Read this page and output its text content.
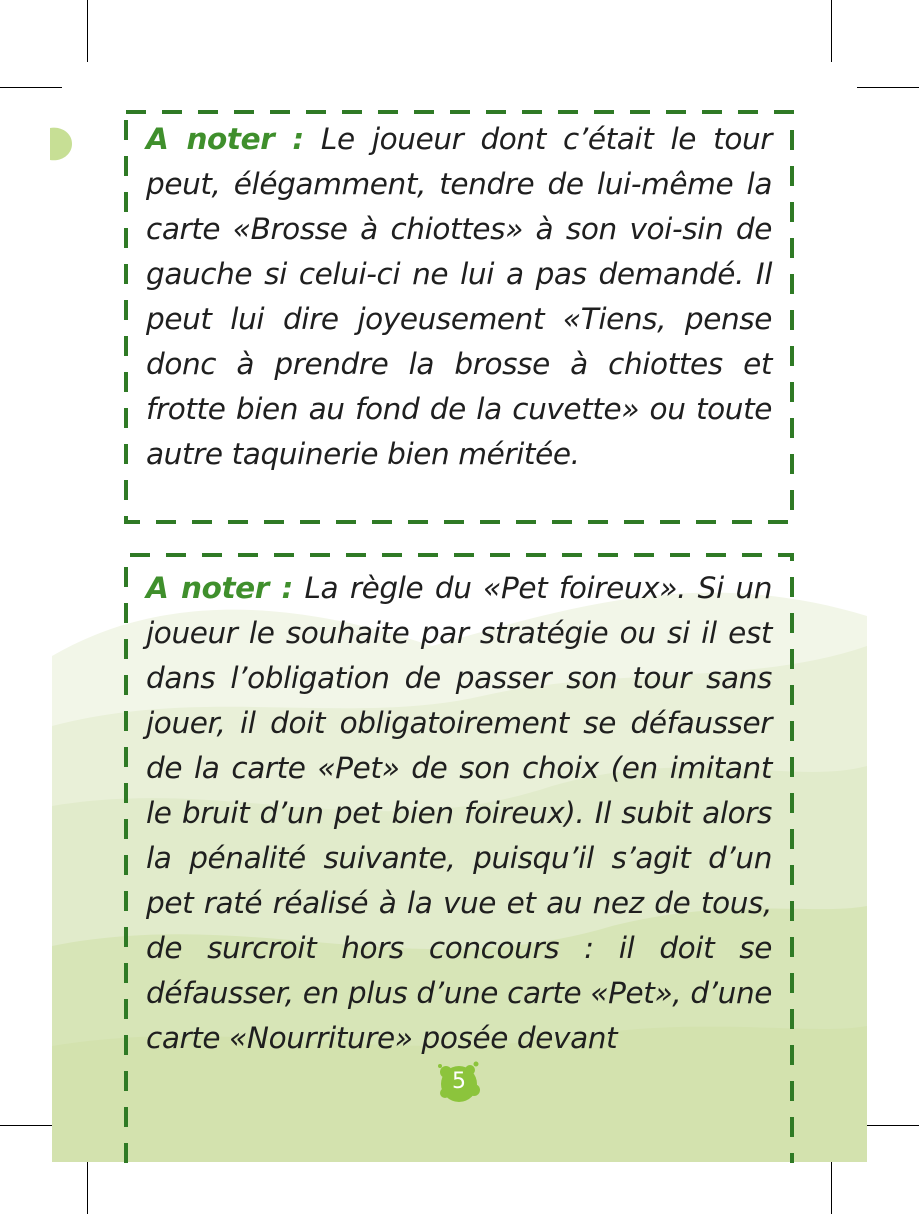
A noter : Le joueur dont c’était le tour peut, élégamment, tendre de lui-même la carte «Brosse à chiottes» à son voi-sin de gauche si celui-ci ne lui a pas demandé. Il peut lui dire joyeusement «Tiens, pense donc à prendre la brosse à chiottes et frotte bien au fond de la cuvette» ou toute autre taquinerie bien méritée.

A noter : La règle du «Pet foireux». Si un joueur le souhaite par stratégie ou si il est dans l’obligation de passer son tour sans jouer, il doit obligatoirement se défausser de la carte «Pet» de son choix (en imitant le bruit d’un pet bien foireux). Il subit alors la pénalité suivante, puisqu’il s’agit d’un pet raté réalisé à la vue et au nez de tous, de surcroit hors concours : il doit se défausser, en plus d’une carte «Pet», d’une carte «Nourriture» posée devant

5
